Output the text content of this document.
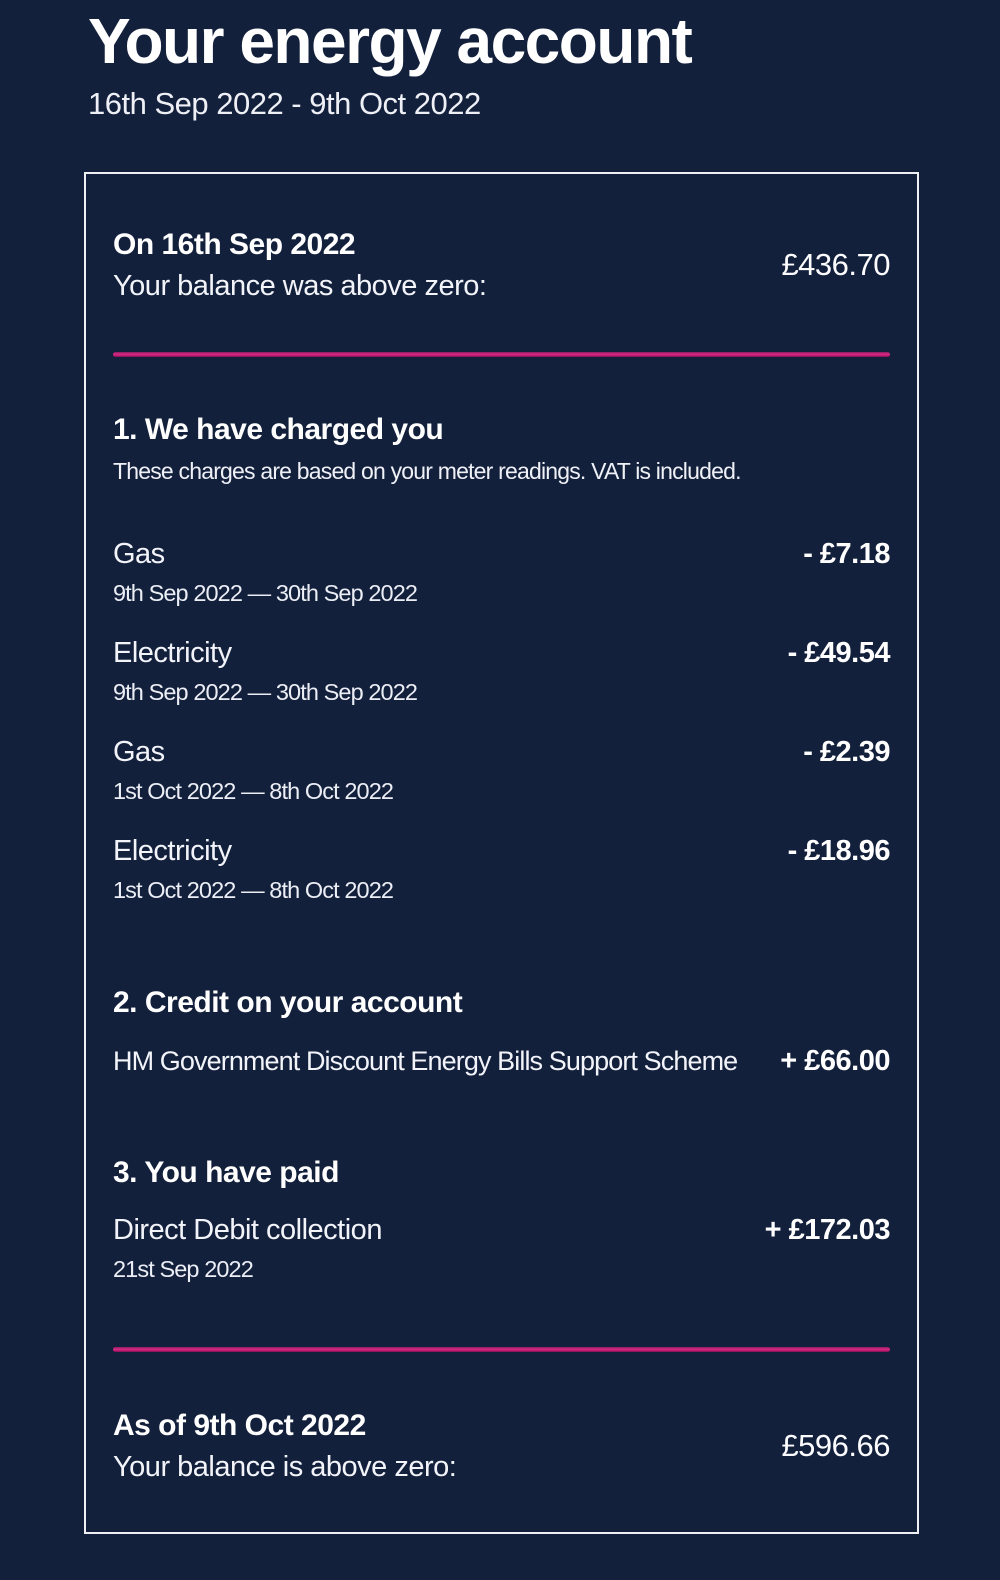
Your energy account
16th Sep 2022 - 9th Oct 2022
On 16th Sep 2022
Your balance was above zero:
£436.70
1. We have charged you
These charges are based on your meter readings. VAT is included.
Gas	- £7.18
9th Sep 2022 — 30th Sep 2022
Electricity	- £49.54
9th Sep 2022 — 30th Sep 2022
Gas	- £2.39
1st Oct 2022 — 8th Oct 2022
Electricity	- £18.96
1st Oct 2022 — 8th Oct 2022
2. Credit on your account
HM Government Discount Energy Bills Support Scheme	+ £66.00
3. You have paid
Direct Debit collection	+ £172.03
21st Sep 2022
As of 9th Oct 2022
Your balance is above zero:
£596.66
